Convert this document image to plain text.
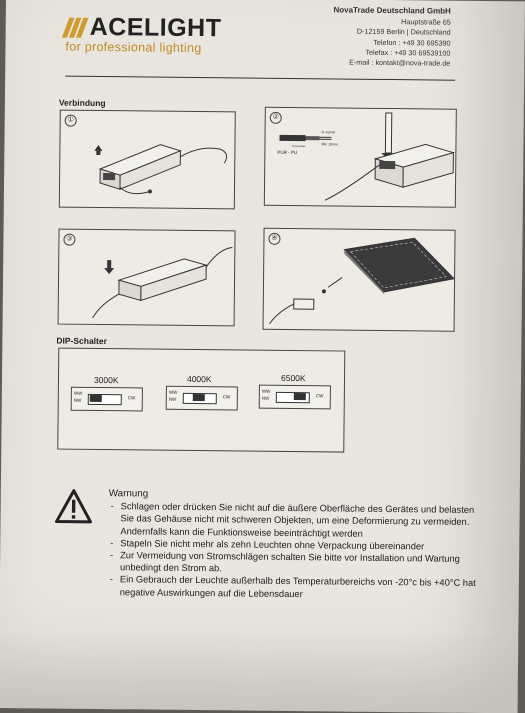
ACELIGHT
for professional lighting
NovaTrade Deutschland GmbH
Hauptstraße 65
D-12159 Berlin | Deutschland
Telefon : +49 30 695390
Telefax : +49 30 69539100
E-mail : kontakt@nova-trade.de
Verbindung
①	②
PUR - PU
8~10mm
Min 10mm
③	④
DIP-Schalter
3000K
WW
NW	CW
4000K
WW
NW	CW
6500K
WW
NW	CW
Warnung
- Schlagen oder drücken Sie nicht auf die äußere Oberfläche des Gerätes und belasten Sie das Gehäuse nicht mit schweren Objekten, um eine Deformierung zu vermeiden. Andernfalls kann die Funktionsweise beeinträchtigt werden
- Stapeln Sie nicht mehr als zehn Leuchten ohne Verpackung übereinander
- Zur Vermeidung von Stromschlägen schalten Sie bitte vor Installation und Wartung unbedingt den Strom ab.
- Ein Gebrauch der Leuchte außerhalb des Temperaturbereichs von -20°c bis +40°C hat negative Auswirkungen auf die Lebensdauer
